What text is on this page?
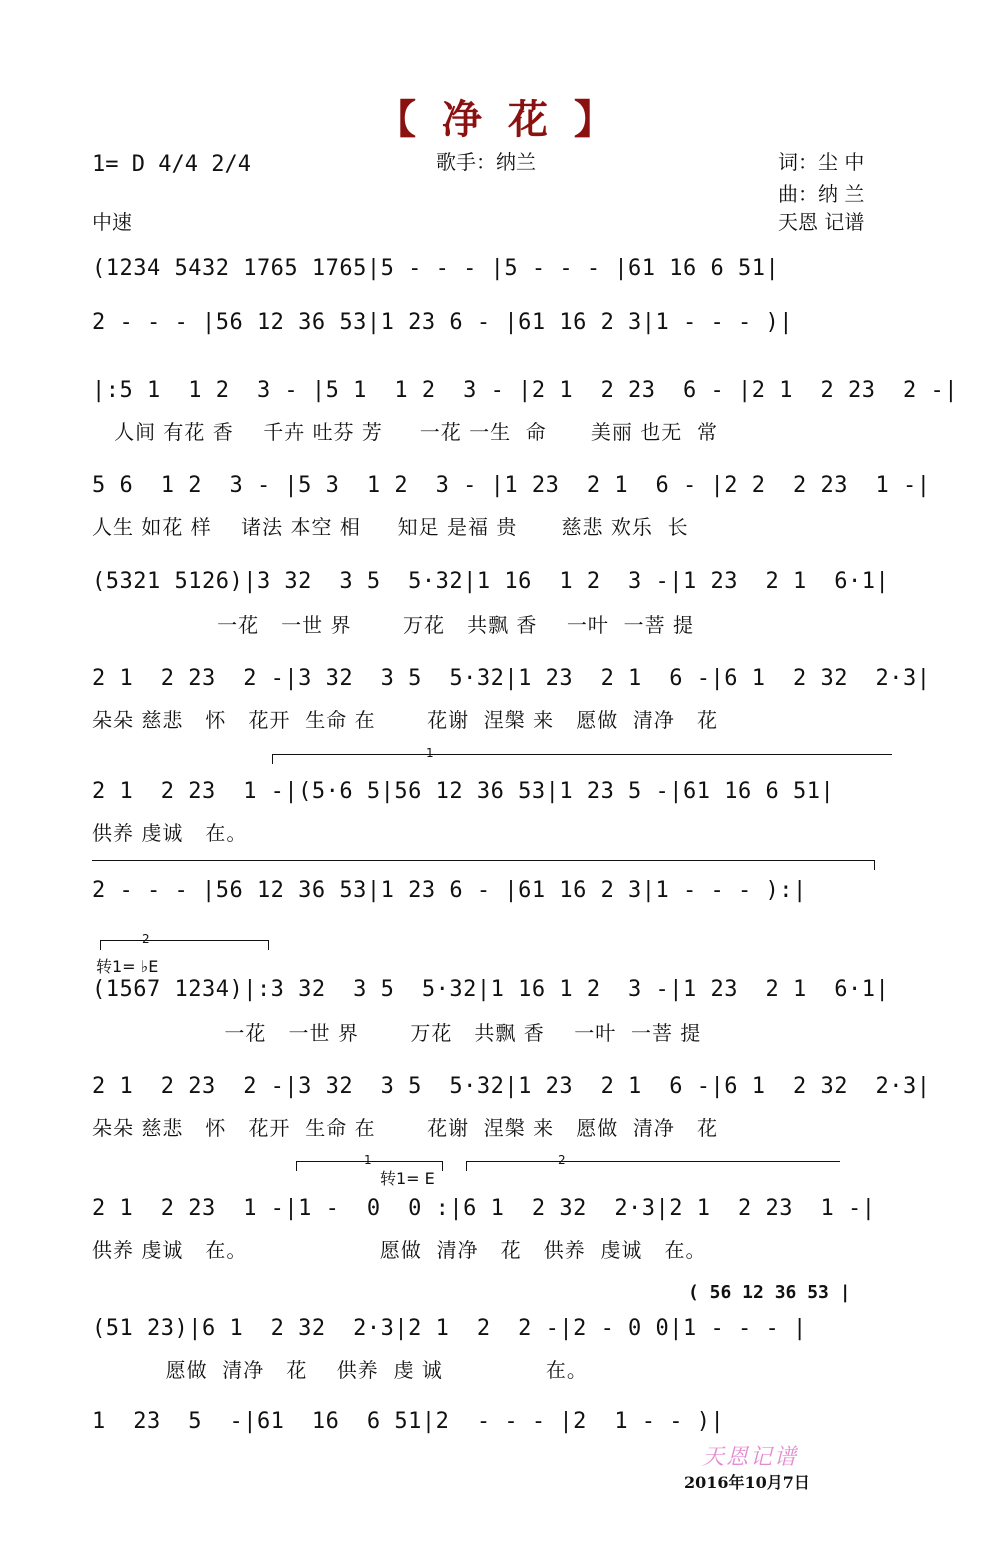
【 净 花 】
歌手：纳兰	词：尘 中
曲：纳 兰
天恩 记谱
1= D 4/4 2/4
中速
(1234 5432 1765 1765|5 - - - |5 - - - |61 16 6 51|
2 - - - |56 12 36 53|1 23 6 - |61 16 2 3|1 - - - )|
|:5 1  1 2  3 - |5 1  1 2  3 - |2 1  2 23  6 - |2 1  2 23  2 -|
人间 有花 香    千卉 吐芬 芳     一花 一生  命      美丽 也无  常
5 6  1 2  3 - |5 3  1 2  3 - |1 23  2 1  6 - |2 2  2 23  1 -|
人生 如花 样    诸法 本空 相     知足 是福 贵      慈悲 欢乐  长
(5321 5126)|3 32  3 5  5·32|1 16  1 2  3 -|1 23  2 1  6·1|
一花   一世 界       万花   共飘 香    一叶  一菩 提
2 1  2 23  2 -|3 32  3 5  5·32|1 23  2 1  6 -|6 1  2 32  2·3|
朵朵 慈悲   怀   花开  生命 在       花谢  涅槃 来   愿做  清净   花
1
2 1  2 23  1 -|(5·6 5|56 12 36 53|1 23 5 -|61 16 6 51|
供养 虔诚   在。
2 - - - |56 12 36 53|1 23 6 - |61 16 2 3|1 - - - ):|
2
转1= ♭E
(1567 1234)|:3 32  3 5  5·32|1 16 1 2  3 -|1 23  2 1  6·1|
一花   一世 界       万花   共飘 香    一叶  一菩 提
2 1  2 23  2 -|3 32  3 5  5·32|1 23  2 1  6 -|6 1  2 32  2·3|
朵朵 慈悲   怀   花开  生命 在       花谢  涅槃 来   愿做  清净   花
1
转1= E
2
2 1  2 23  1 -|1 -  0  0 :|6 1  2 32  2·3|2 1  2 23  1 -|
供养 虔诚   在。                  愿做  清净   花   供养  虔诚   在。
( 56 12 36 53 |
(51 23)|6 1  2 32  2·3|2 1  2  2 -|2 - 0 0|1 - - - |
愿做  清净   花    供养  虔 诚              在。
1  23  5  -|61  16  6 51|2  - - - |2  1 - - )|
天恩记谱
2016年10月7日
